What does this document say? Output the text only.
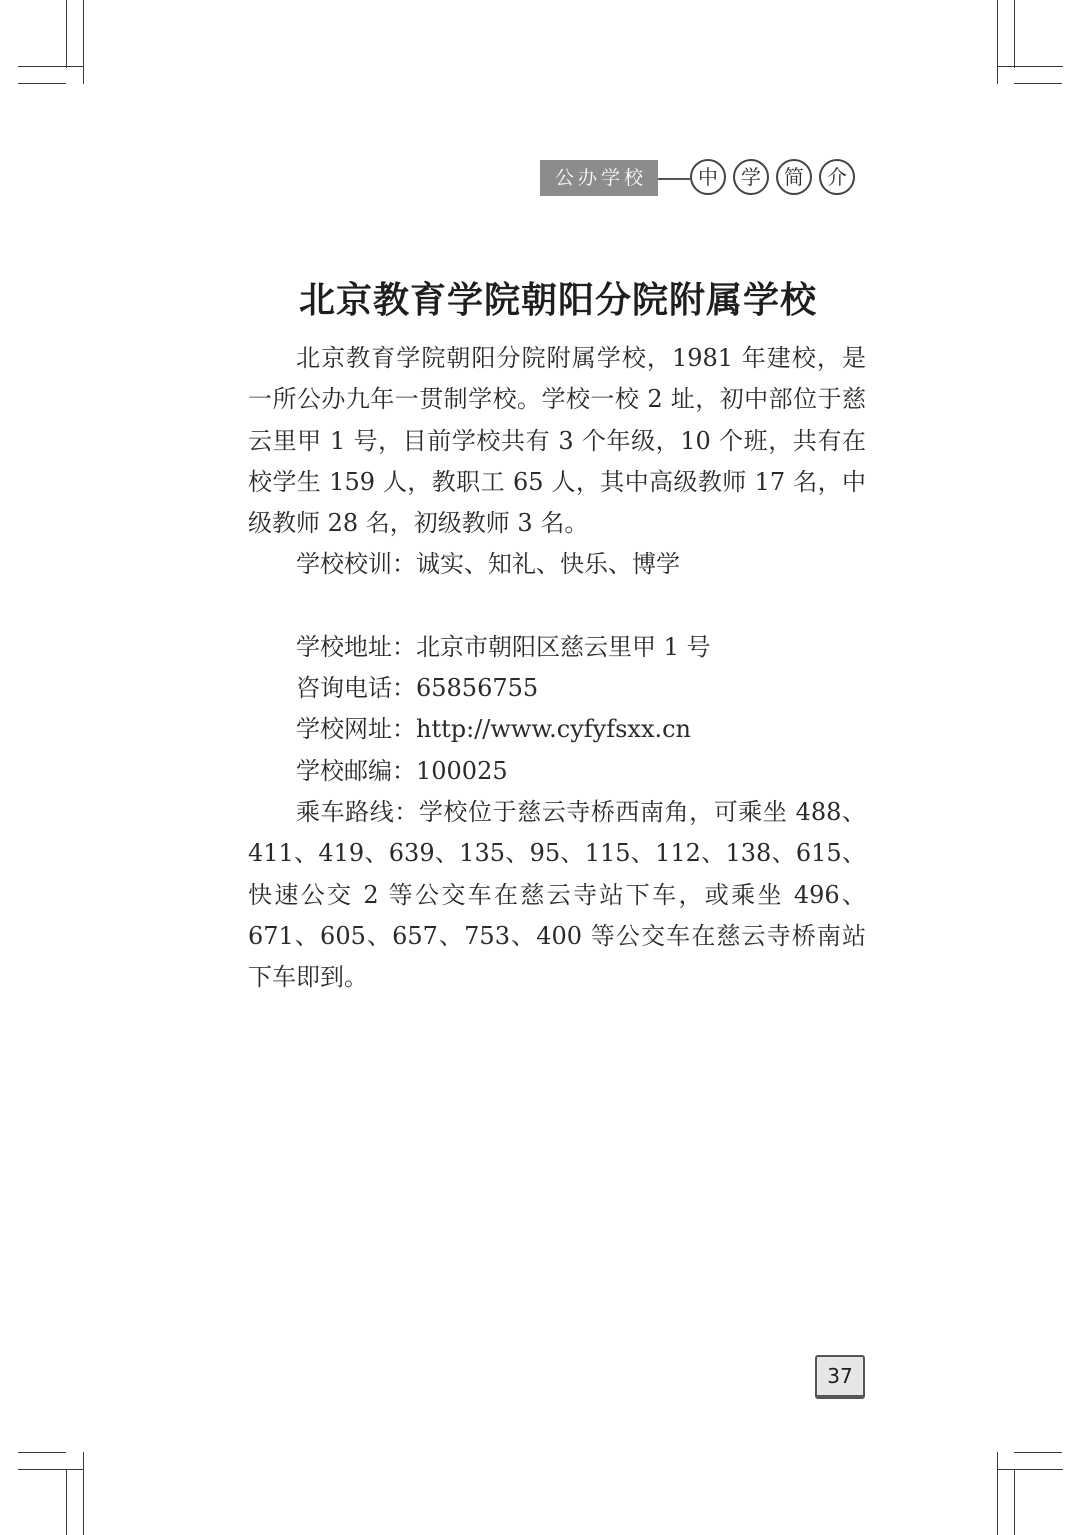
公办学校	中	学	简	介
北京教育学院朝阳分院附属学校

北京教育学院朝阳分院附属学校，1981 年建校，是一所公办九年一贯制学校。学校一校 2 址，初中部位于慈云里甲 1 号，目前学校共有 3 个年级，10 个班，共有在校学生 159 人，教职工 65 人，其中高级教师 17 名，中级教师 28 名，初级教师 3 名。

学校校训：诚实、知礼、快乐、博学

学校地址：北京市朝阳区慈云里甲 1 号

咨询电话：65856755

学校网址：http://www.cyfyfsxx.cn

学校邮编：100025

乘车路线：学校位于慈云寺桥西南角，可乘坐 488、411、419、639、135、95、115、112、138、615、快速公交 2 等公交车在慈云寺站下车，或乘坐 496、671、605、657、753、400 等公交车在慈云寺桥南站下车即到。

37
